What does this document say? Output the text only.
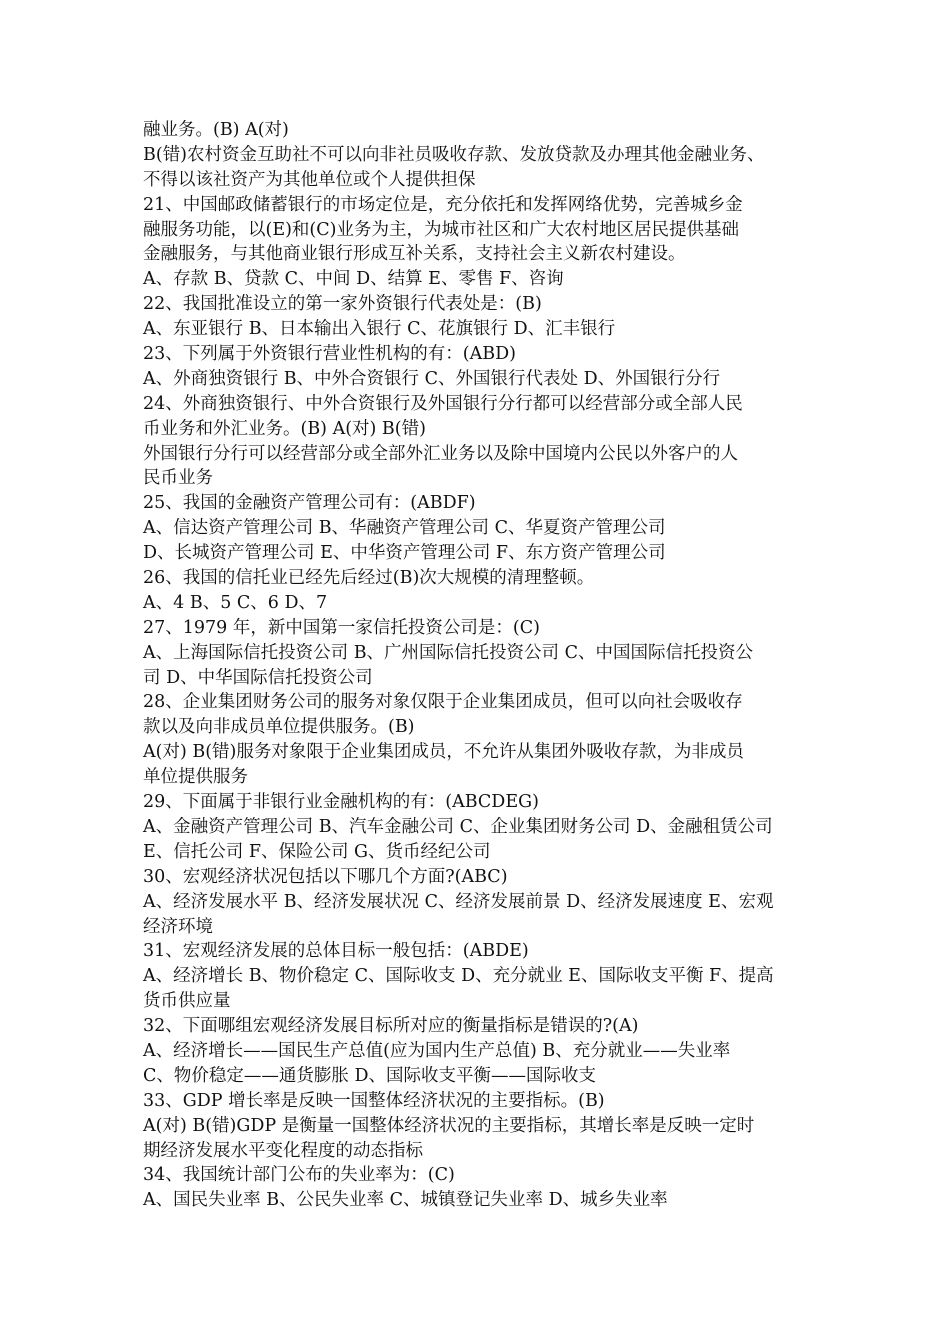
融业务。(B) A(对)
B(错)农村资金互助社不可以向非社员吸收存款、发放贷款及办理其他金融业务、
不得以该社资产为其他单位或个人提供担保
21、中国邮政储蓄银行的市场定位是，充分依托和发挥网络优势，完善城乡金
融服务功能，以(E)和(C)业务为主，为城市社区和广大农村地区居民提供基础
金融服务，与其他商业银行形成互补关系，支持社会主义新农村建设。
A、存款 B、贷款 C、中间 D、结算 E、零售 F、咨询
22、我国批准设立的第一家外资银行代表处是：(B)
A、东亚银行 B、日本输出入银行 C、花旗银行 D、汇丰银行
23、下列属于外资银行营业性机构的有：(ABD)
A、外商独资银行 B、中外合资银行 C、外国银行代表处 D、外国银行分行
24、外商独资银行、中外合资银行及外国银行分行都可以经营部分或全部人民
币业务和外汇业务。(B) A(对) B(错)
外国银行分行可以经营部分或全部外汇业务以及除中国境内公民以外客户的人
民币业务
25、我国的金融资产管理公司有：(ABDF)
A、信达资产管理公司 B、华融资产管理公司 C、华夏资产管理公司
D、长城资产管理公司 E、中华资产管理公司 F、东方资产管理公司
26、我国的信托业已经先后经过(B)次大规模的清理整顿。
A、4 B、5 C、6 D、7
27、1979 年，新中国第一家信托投资公司是：(C)
A、上海国际信托投资公司 B、广州国际信托投资公司 C、中国国际信托投资公
司 D、中华国际信托投资公司
28、企业集团财务公司的服务对象仅限于企业集团成员，但可以向社会吸收存
款以及向非成员单位提供服务。(B)
A(对) B(错)服务对象限于企业集团成员，不允许从集团外吸收存款，为非成员
单位提供服务
29、下面属于非银行业金融机构的有：(ABCDEG)
A、金融资产管理公司 B、汽车金融公司 C、企业集团财务公司 D、金融租赁公司
E、信托公司 F、保险公司 G、货币经纪公司
30、宏观经济状况包括以下哪几个方面?(ABC)
A、经济发展水平 B、经济发展状况 C、经济发展前景 D、经济发展速度 E、宏观
经济环境
31、宏观经济发展的总体目标一般包括：(ABDE)
A、经济增长 B、物价稳定 C、国际收支 D、充分就业 E、国际收支平衡 F、提高
货币供应量
32、下面哪组宏观经济发展目标所对应的衡量指标是错误的?(A)
A、经济增长——国民生产总值(应为国内生产总值) B、充分就业——失业率
C、物价稳定——通货膨胀 D、国际收支平衡——国际收支
33、GDP 增长率是反映一国整体经济状况的主要指标。(B)
A(对) B(错)GDP 是衡量一国整体经济状况的主要指标，其增长率是反映一定时
期经济发展水平变化程度的动态指标
34、我国统计部门公布的失业率为：(C)
A、国民失业率 B、公民失业率 C、城镇登记失业率 D、城乡失业率
